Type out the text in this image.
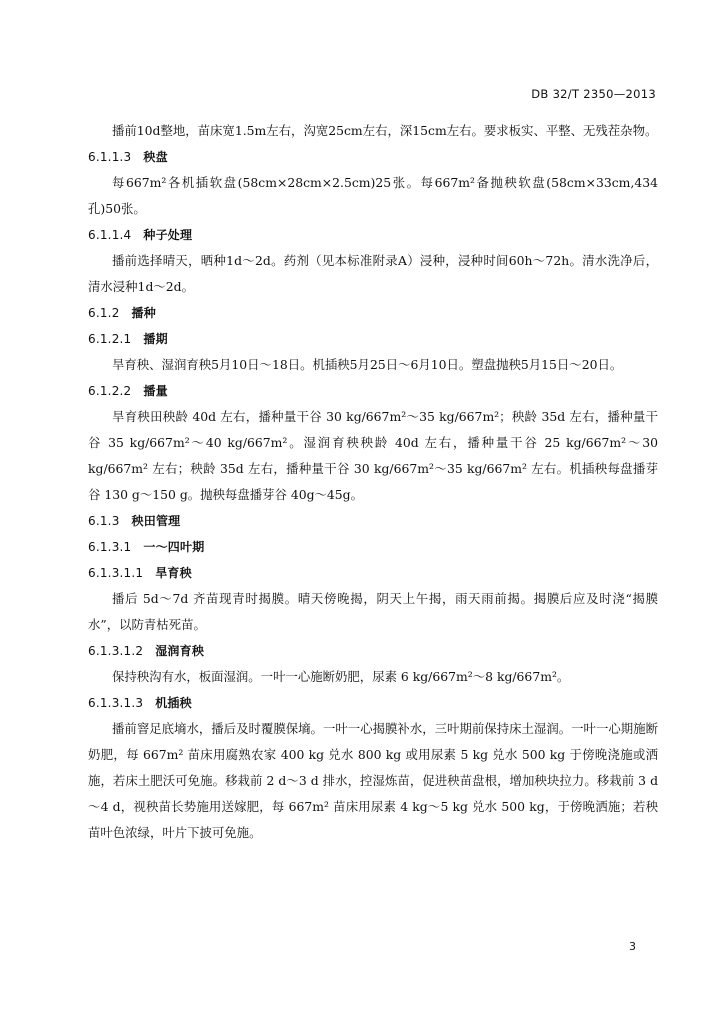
DB 32/T 2350—2013

播前10d整地，苗床宽1.5m左右，沟宽25cm左右，深15cm左右。要求板实、平整、无残茬杂物。

6.1.1.3 秧盘

每667m²各机插软盘(58cm×28cm×2.5cm)25张。每667m²备抛秧软盘(58cm×33cm,434孔)50张。

6.1.1.4 种子处理

播前选择晴天，晒种1d～2d。药剂（见本标准附录A）浸种，浸种时间60h～72h。清水洗净后，清水浸种1d～2d。

6.1.2 播种
6.1.2.1 播期

旱育秧、湿润育秧5月10日～18日。机插秧5月25日～6月10日。塑盘抛秧5月15日～20日。

6.1.2.2 播量

旱育秧田秧龄 40d 左右，播种量干谷 30 kg/667m²～35 kg/667m²；秧龄 35d 左右，播种量干谷 35 kg/667m²～40 kg/667m²。湿润育秧秧龄 40d 左右，播种量干谷 25 kg/667m²～30 kg/667m² 左右；秧龄 35d 左右，播种量干谷 30 kg/667m²～35 kg/667m² 左右。机插秧每盘播芽谷 130 g～150 g。抛秧每盘播芽谷 40g～45g。

6.1.3 秧田管理
6.1.3.1 一～四叶期
6.1.3.1.1 旱育秧

播后 5d～7d 齐苗现青时揭膜。晴天傍晚揭，阴天上午揭，雨天雨前揭。揭膜后应及时浇“揭膜水”，以防青枯死苗。

6.1.3.1.2 湿润育秧

保持秧沟有水，板面湿润。一叶一心施断奶肥，尿素 6 kg/667m²～8 kg/667m²。

6.1.3.1.3 机插秧

播前窨足底墒水，播后及时覆膜保墒。一叶一心揭膜补水，三叶期前保持床土湿润。一叶一心期施断奶肥，每 667m² 苗床用腐熟农家 400 kg 兑水 800 kg 或用尿素 5 kg 兑水 500 kg 于傍晚浇施或洒施，若床土肥沃可免施。移栽前 2 d～3 d 排水，控湿炼苗，促进秧苗盘根，增加秧块拉力。移栽前 3 d～4 d，视秧苗长势施用送嫁肥，每 667m² 苗床用尿素 4 kg～5 kg 兑水 500 kg，于傍晚洒施；若秧苗叶色浓绿，叶片下披可免施。

3
